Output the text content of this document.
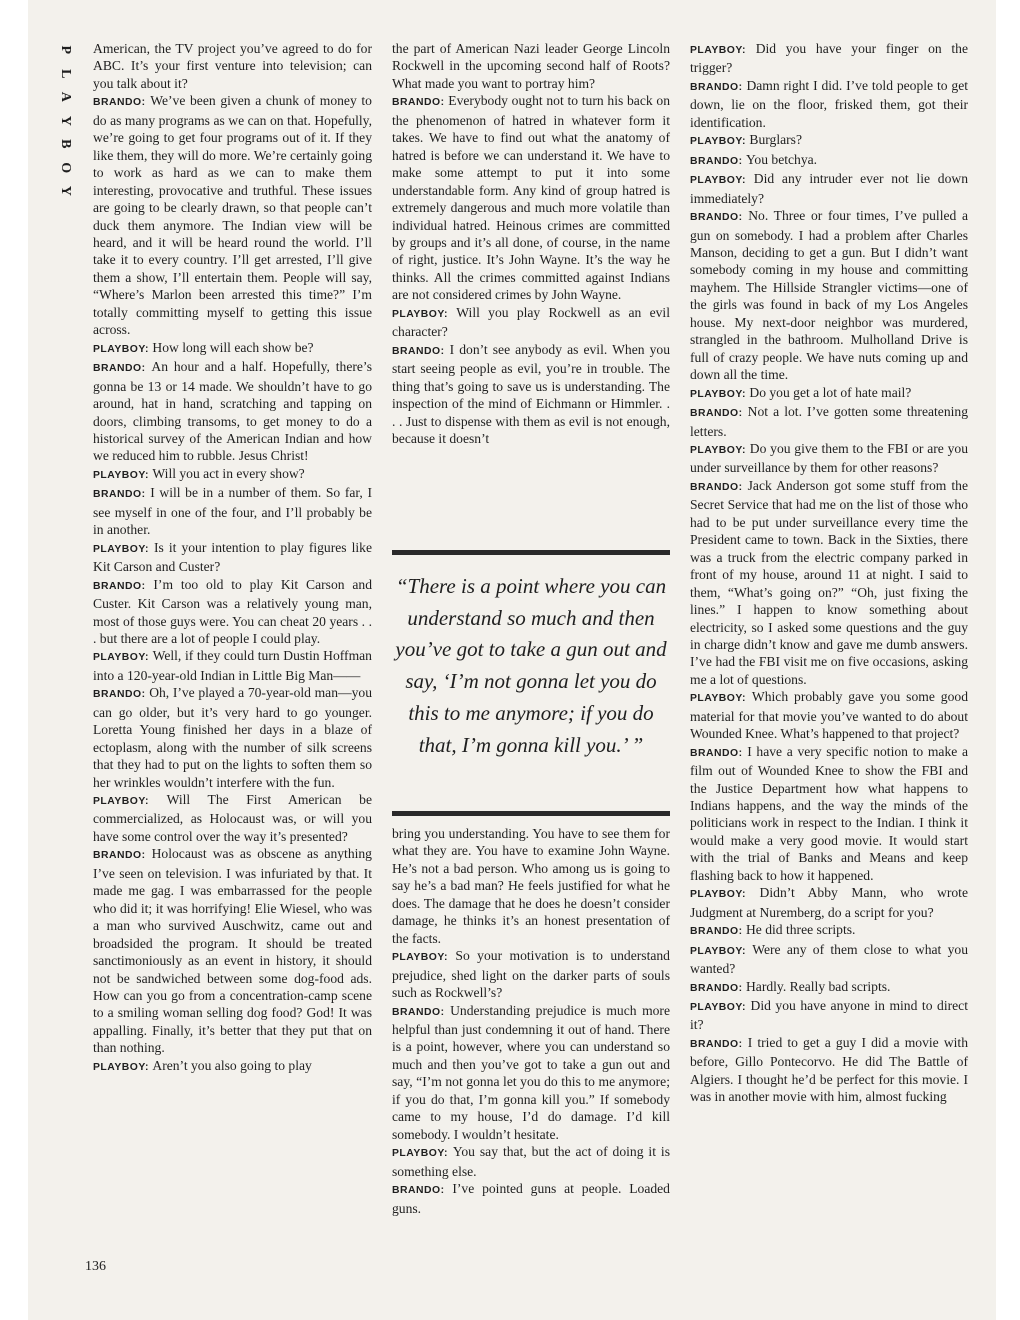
P
L
A
Y
B
O
Y

American, the TV project you’ve agreed to do for ABC. It’s your first venture into television; can you talk about it?

BRANDO : We’ve been given a chunk of money to do as many programs as we can on that. Hopefully, we’re going to get four programs out of it. If they like them, they will do more. We’re certainly going to work as hard as we can to make them interesting, provocative and truthful. These issues are going to be clearly drawn, so that people can’t duck them anymore. The Indian view will be heard, and it will be heard round the world. I’ll take it to every country. I’ll get arrested, I’ll give them a show, I’ll entertain them. People will say, “Where’s Marlon been arrested this time?” I’m totally committing myself to getting this issue across.

PLAYBOY : How long will each show be?

BRANDO : An hour and a half. Hopefully, there’s gonna be 13 or 14 made. We shouldn’t have to go around, hat in hand, scratching and tapping on doors, climbing transoms, to get money to do a historical survey of the American Indian and how we reduced him to rubble. Jesus Christ!

PLAYBOY : Will you act in every show?

BRANDO : I will be in a number of them. So far, I see myself in one of the four, and I’ll probably be in another.

PLAYBOY : Is it your intention to play figures like Kit Carson and Custer?

BRANDO : I’m too old to play Kit Carson and Custer. Kit Carson was a relatively young man, most of those guys were. You can cheat 20 years . . . but there are a lot of people I could play.

PLAYBOY : Well, if they could turn Dustin Hoffman into a 120-year-old Indian in Little Big Man——

BRANDO : Oh, I’ve played a 70-year-old man—you can go older, but it’s very hard to go younger. Loretta Young finished her days in a blaze of ectoplasm, along with the number of silk screens that they had to put on the lights to soften them so her wrinkles wouldn’t interfere with the fun.

PLAYBOY : Will The First American be commercialized, as Holocaust was, or will you have some control over the way it’s presented?

BRANDO : Holocaust was as obscene as anything I’ve seen on television. I was infuriated by that. It made me gag. I was embarrassed for the people who did it; it was horrifying! Elie Wiesel, who was a man who survived Auschwitz, came out and broadsided the program. It should be treated sanctimoniously as an event in history, it should not be sandwiched between some dog-food ads. How can you go from a concentration-camp scene to a smiling woman selling dog food? God! It was appalling. Finally, it’s better that they put that on than nothing.

PLAYBOY : Aren’t you also going to play

the part of American Nazi leader George Lincoln Rockwell in the upcoming second half of Roots? What made you want to portray him?

BRANDO : Everybody ought not to turn his back on the phenomenon of hatred in whatever form it takes. We have to find out what the anatomy of hatred is before we can understand it. We have to make some attempt to put it into some understandable form. Any kind of group hatred is extremely dangerous and much more volatile than individual hatred. Heinous crimes are committed by groups and it’s all done, of course, in the name of right, justice. It’s John Wayne. It’s the way he thinks. All the crimes committed against Indians are not considered crimes by John Wayne.

PLAYBOY : Will you play Rockwell as an evil character?

BRANDO : I don’t see anybody as evil. When you start seeing people as evil, you’re in trouble. The thing that’s going to save us is understanding. The inspection of the mind of Eichmann or Himmler. . . . Just to dispense with them as evil is not enough, because it doesn’t

“There is a point where you can understand so much and then you’ve got to take a gun out and say, ‘I’m not gonna let you do this to me anymore; if you do that, I’m gonna kill you.’ ”

bring you understanding. You have to see them for what they are. You have to examine John Wayne. He’s not a bad person. Who among us is going to say he’s a bad man? He feels justified for what he does. The damage that he does he doesn’t consider damage, he thinks it’s an honest presentation of the facts.

PLAYBOY : So your motivation is to understand prejudice, shed light on the darker parts of souls such as Rockwell’s?

BRANDO : Understanding prejudice is much more helpful than just condemning it out of hand. There is a point, however, where you can understand so much and then you’ve got to take a gun out and say, “I’m not gonna let you do this to me anymore; if you do that, I’m gonna kill you.” If somebody came to my house, I’d do damage. I’d kill somebody. I wouldn’t hesitate.

PLAYBOY : You say that, but the act of doing it is something else.

BRANDO : I’ve pointed guns at people. Loaded guns.

PLAYBOY : Did you have your finger on the trigger?

BRANDO : Damn right I did. I’ve told people to get down, lie on the floor, frisked them, got their identification.

PLAYBOY : Burglars?

BRANDO : You betchya.

PLAYBOY : Did any intruder ever not lie down immediately?

BRANDO : No. Three or four times, I’ve pulled a gun on somebody. I had a problem after Charles Manson, deciding to get a gun. But I didn’t want somebody coming in my house and committing mayhem. The Hillside Strangler victims—one of the girls was found in back of my Los Angeles house. My next-door neighbor was murdered, strangled in the bathroom. Mulholland Drive is full of crazy people. We have nuts coming up and down all the time.

PLAYBOY : Do you get a lot of hate mail?

BRANDO : Not a lot. I’ve gotten some threatening letters.

PLAYBOY : Do you give them to the FBI or are you under surveillance by them for other reasons?

BRANDO : Jack Anderson got some stuff from the Secret Service that had me on the list of those who had to be put under surveillance every time the President came to town. Back in the Sixties, there was a truck from the electric company parked in front of my house, around 11 at night. I said to them, “What’s going on?” “Oh, just fixing the lines.” I happen to know something about electricity, so I asked some questions and the guy in charge didn’t know and gave me dumb answers. I’ve had the FBI visit me on five occasions, asking me a lot of questions.

PLAYBOY : Which probably gave you some good material for that movie you’ve wanted to do about Wounded Knee. What’s happened to that project?

BRANDO : I have a very specific notion to make a film out of Wounded Knee to show the FBI and the Justice Department how what happens to Indians happens, and the way the minds of the politicians work in respect to the Indian. I think it would make a very good movie. It would start with the trial of Banks and Means and keep flashing back to how it happened.

PLAYBOY : Didn’t Abby Mann, who wrote Judgment at Nuremberg, do a script for you?

BRANDO : He did three scripts.

PLAYBOY : Were any of them close to what you wanted?

BRANDO : Hardly. Really bad scripts.

PLAYBOY : Did you have anyone in mind to direct it?

BRANDO : I tried to get a guy I did a movie with before, Gillo Pontecorvo. He did The Battle of Algiers. I thought he’d be perfect for this movie. I was in another movie with him, almost fucking

136
